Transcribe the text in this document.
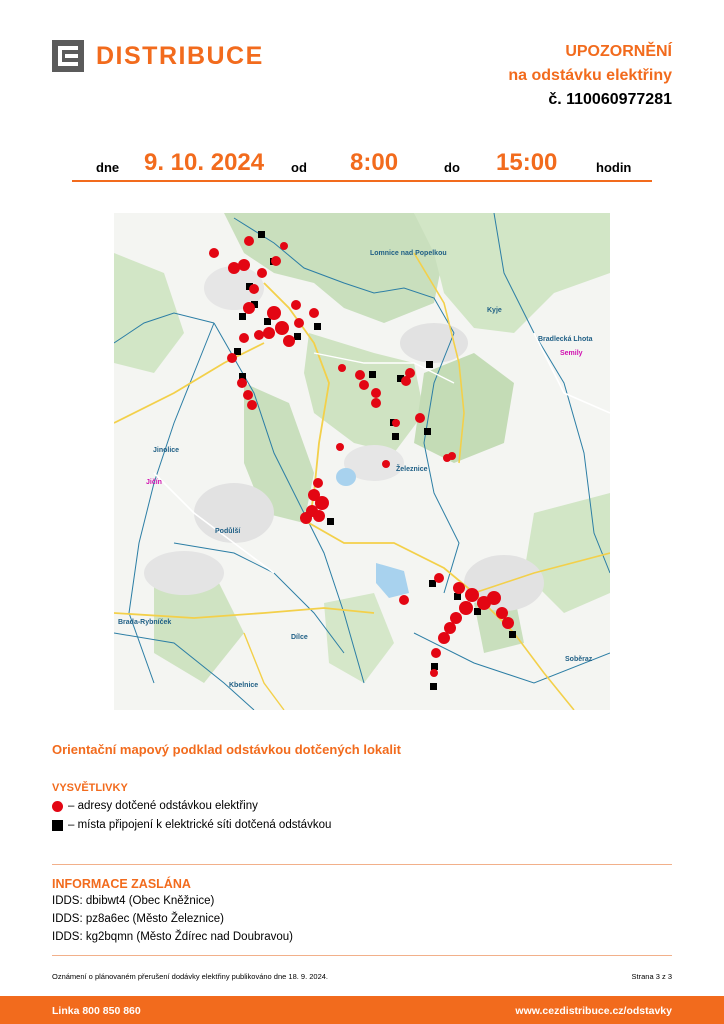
DISTRIBUCE	UPOZORNĚNÍ
na odstávku elektřiny
č. 110060977281
dne 9. 10. 2024 od 8:00	do 15:00	hodin
Lomnice nad Popelkou
Kyje
Bradlecká Lhota
Semily
Jinolice
Jičín
Železnice
Podůlší
Brada-Rybníček
Dílce
Soběraz
Kbelnice
Orientační mapový podklad odstávkou dotčených lokalit
VYSVĚTLIVKY
– adresy dotčené odstávkou elektřiny
– místa připojení k elektrické síti dotčená odstávkou
INFORMACE ZASLÁNA
IDDS: dbibwt4 (Obec Kněžnice)
IDDS: pz8a6ec (Město Železnice)
IDDS: kg2bqmn (Město Ždírec nad Doubravou)
Oznámení o plánovaném přerušení dodávky elektřiny publikováno dne 18. 9. 2024.	Strana 3 z 3
Linka 800 850 860	www.cezdistribuce.cz/odstavky
